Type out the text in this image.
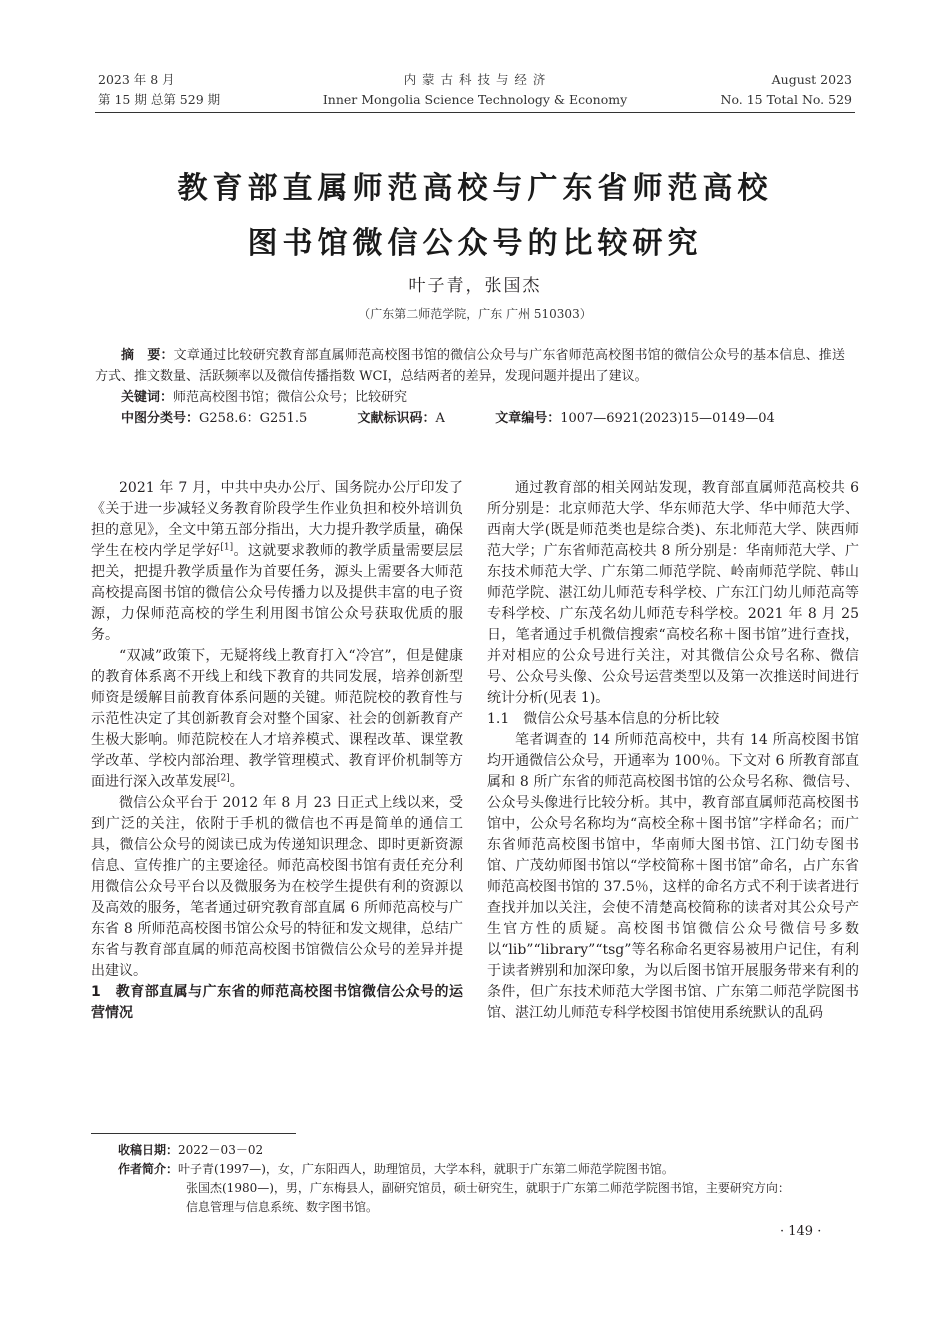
2023 年 8 月
第 15 期 总第 529 期
内 蒙 古 科 技 与 经 济
Inner Mongolia Science Technology & Economy
August 2023
No. 15 Total No. 529
教育部直属师范高校与广东省师范高校
图书馆微信公众号的比较研究
叶子青，张国杰
（广东第二师范学院，广东 广州 510303）
摘　要：文章通过比较研究教育部直属师范高校图书馆的微信公众号与广东省师范高校图书馆的微信公众号的基本信息、推送方式、推文数量、活跃频率以及微信传播指数 WCI，总结两者的差异，发现问题并提出了建议。
关键词：师范高校图书馆；微信公众号；比较研究
中图分类号：G258.6：G251.5	文献标识码：A	文章编号：1007—6921(2023)15—0149—04

2021 年 7 月，中共中央办公厅、国务院办公厅印发了《关于进一步减轻义务教育阶段学生作业负担和校外培训负担的意见》，全文中第五部分指出，大力提升教学质量，确保学生在校内学足学好[1]。这就要求教师的教学质量需要层层把关，把提升教学质量作为首要任务，源头上需要各大师范高校提高图书馆的微信公众号传播力以及提供丰富的电子资源，力保师范高校的学生利用图书馆公众号获取优质的服务。

“双减”政策下，无疑将线上教育打入“冷宫”，但是健康的教育体系离不开线上和线下教育的共同发展，培养创新型师资是缓解目前教育体系问题的关键。师范院校的教育性与示范性决定了其创新教育会对整个国家、社会的创新教育产生极大影响。师范院校在人才培养模式、课程改革、课堂教学改革、学校内部治理、教学管理模式、教育评价机制等方面进行深入改革发展[2]。

微信公众平台于 2012 年 8 月 23 日正式上线以来，受到广泛的关注，依附于手机的微信也不再是简单的通信工具，微信公众号的阅读已成为传递知识理念、即时更新资源信息、宣传推广的主要途径。师范高校图书馆有责任充分利用微信公众号平台以及微服务为在校学生提供有利的资源以及高效的服务，笔者通过研究教育部直属 6 所师范高校与广东省 8 所师范高校图书馆公众号的特征和发文规律，总结广东省与教育部直属的师范高校图书馆微信公众号的差异并提出建议。

1　教育部直属与广东省的师范高校图书馆微信公众号的运营情况

通过教育部的相关网站发现，教育部直属师范高校共 6 所分别是：北京师范大学、华东师范大学、华中师范大学、西南大学(既是师范类也是综合类)、东北师范大学、陕西师范大学；广东省师范高校共 8 所分别是：华南师范大学、广东技术师范大学、广东第二师范学院、岭南师范学院、韩山师范学院、湛江幼儿师范专科学校、广东江门幼儿师范高等专科学校、广东茂名幼儿师范专科学校。2021 年 8 月 25 日，笔者通过手机微信搜索“高校名称＋图书馆”进行查找，并对相应的公众号进行关注，对其微信公众号名称、微信号、公众号头像、公众号运营类型以及第一次推送时间进行统计分析(见表 1)。

1.1　微信公众号基本信息的分析比较

笔者调查的 14 所师范高校中，共有 14 所高校图书馆均开通微信公众号，开通率为 100％。下文对 6 所教育部直属和 8 所广东省的师范高校图书馆的公众号名称、微信号、公众号头像进行比较分析。其中，教育部直属师范高校图书馆中，公众号名称均为“高校全称＋图书馆”字样命名；而广东省师范高校图书馆中，华南师大图书馆、江门幼专图书馆、广茂幼师图书馆以“学校简称＋图书馆”命名，占广东省师范高校图书馆的 37.5％，这样的命名方式不利于读者进行查找并加以关注，会使不清楚高校简称的读者对其公众号产生官方性的质疑。高校图书馆微信公众号微信号多数以“lib”“library”“tsg”等名称命名更容易被用户记住，有利于读者辨别和加深印象，为以后图书馆开展服务带来有利的条件，但广东技术师范大学图书馆、广东第二师范学院图书馆、湛江幼儿师范专科学校图书馆使用系统默认的乱码

收稿日期：2022－03－02
作者简介：叶子青(1997—)，女，广东阳西人，助理馆员，大学本科，就职于广东第二师范学院图书馆。
张国杰(1980—)，男，广东梅县人，副研究馆员，硕士研究生，就职于广东第二师范学院图书馆，主要研究方向：
信息管理与信息系统、数字图书馆。
· 149 ·
